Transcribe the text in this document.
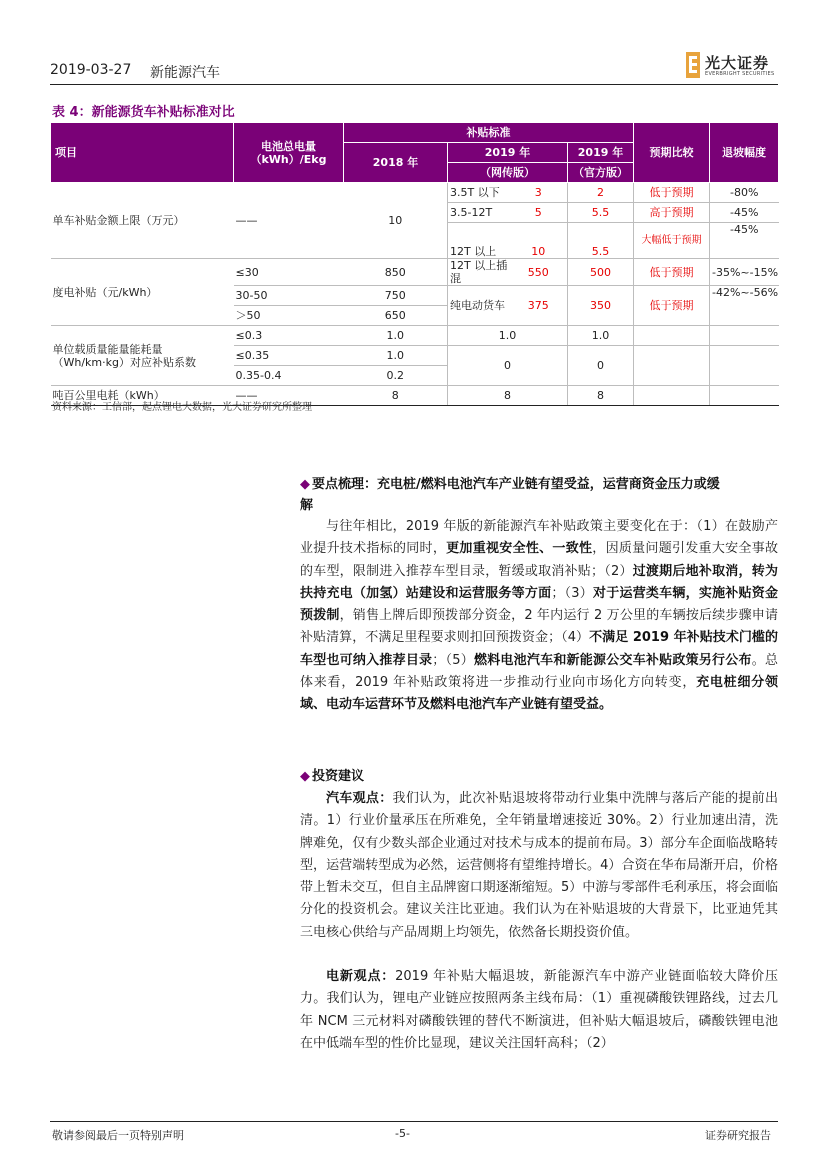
2019-03-27 新能源汽车
光大证券
EVERBRIGHT SECURITIES
表 4：新能源货车补贴标准对比
项目	电池总电量
（kWh）/Ekg	补贴标准				预期比较	退坡幅度
		2018 年	2019 年		2019 年		
			（网传版）		（官方版）		
单车补贴金额上限（万元）	——	10	3.5T 以下	3	2	低于预期	-80%
			3.5-12T	5	5.5	高于预期	-45%
			12T 以上	10	5.5	大幅低于预期	-45%
度电补贴（元/kWh）	≤30	850	12T 以上插混	550	500	低于预期	-35%~-15%
	30-50	750	纯电动货车	375	350	低于预期	-42%~-56%
	＞50	650					
单位载质量能量能耗量
（Wh/km·kg）对应补贴系数	≤0.3	1.0	1.0		1.0		
	≤0.35	1.0	0		0		
	0.35-0.4	0.2					
吨百公里电耗（kWh）	——	8	8		8		
资料来源：工信部，起点锂电大数据，光大证券研究所整理
◆ 要点梳理：充电桩/燃料电池汽车产业链有望受益，运营商资金压力或缓
解
与往年相比，2019 年版的新能源汽车补贴政策主要变化在于：（1）在鼓励产业提升技术指标的同时，更加重视安全性、一致性，因质量问题引发重大安全事故的车型，限制进入推荐车型目录，暂缓或取消补贴；（2）过渡期后地补取消，转为扶持充电（加氢）站建设和运营服务等方面；（3）对于运营类车辆，实施补贴资金预拨制，销售上牌后即预拨部分资金，2 年内运行 2 万公里的车辆按后续步骤申请补贴清算，不满足里程要求则扣回预拨资金；（4）不满足 2019 年补贴技术门槛的车型也可纳入推荐目录；（5）燃料电池汽车和新能源公交车补贴政策另行公布。总体来看，2019 年补贴政策将进一步推动行业向市场化方向转变，充电桩细分领域、电动车运营环节及燃料电池汽车产业链有望受益。
◆ 投资建议
汽车观点：我们认为，此次补贴退坡将带动行业集中洗牌与落后产能的提前出清。1）行业价量承压在所难免，全年销量增速接近 30%。2）行业加速出清，洗牌难免，仅有少数头部企业通过对技术与成本的提前布局。3）部分车企面临战略转型，运营端转型成为必然，运营侧将有望维持增长。4）合资在华布局渐开启，价格带上暂未交互，但自主品牌窗口期逐渐缩短。5）中游与零部件毛利承压，将会面临分化的投资机会。建议关注比亚迪。我们认为在补贴退坡的大背景下，比亚迪凭其三电核心供给与产品周期上均领先，依然备长期投资价值。
电新观点：2019 年补贴大幅退坡，新能源汽车中游产业链面临较大降价压力。我们认为，锂电产业链应按照两条主线布局：（1）重视磷酸铁锂路线，过去几年 NCM 三元材料对磷酸铁锂的替代不断演进，但补贴大幅退坡后，磷酸铁锂电池在中低端车型的性价比显现，建议关注国轩高科；（2）
敬请参阅最后一页特别声明	-5-	证券研究报告
